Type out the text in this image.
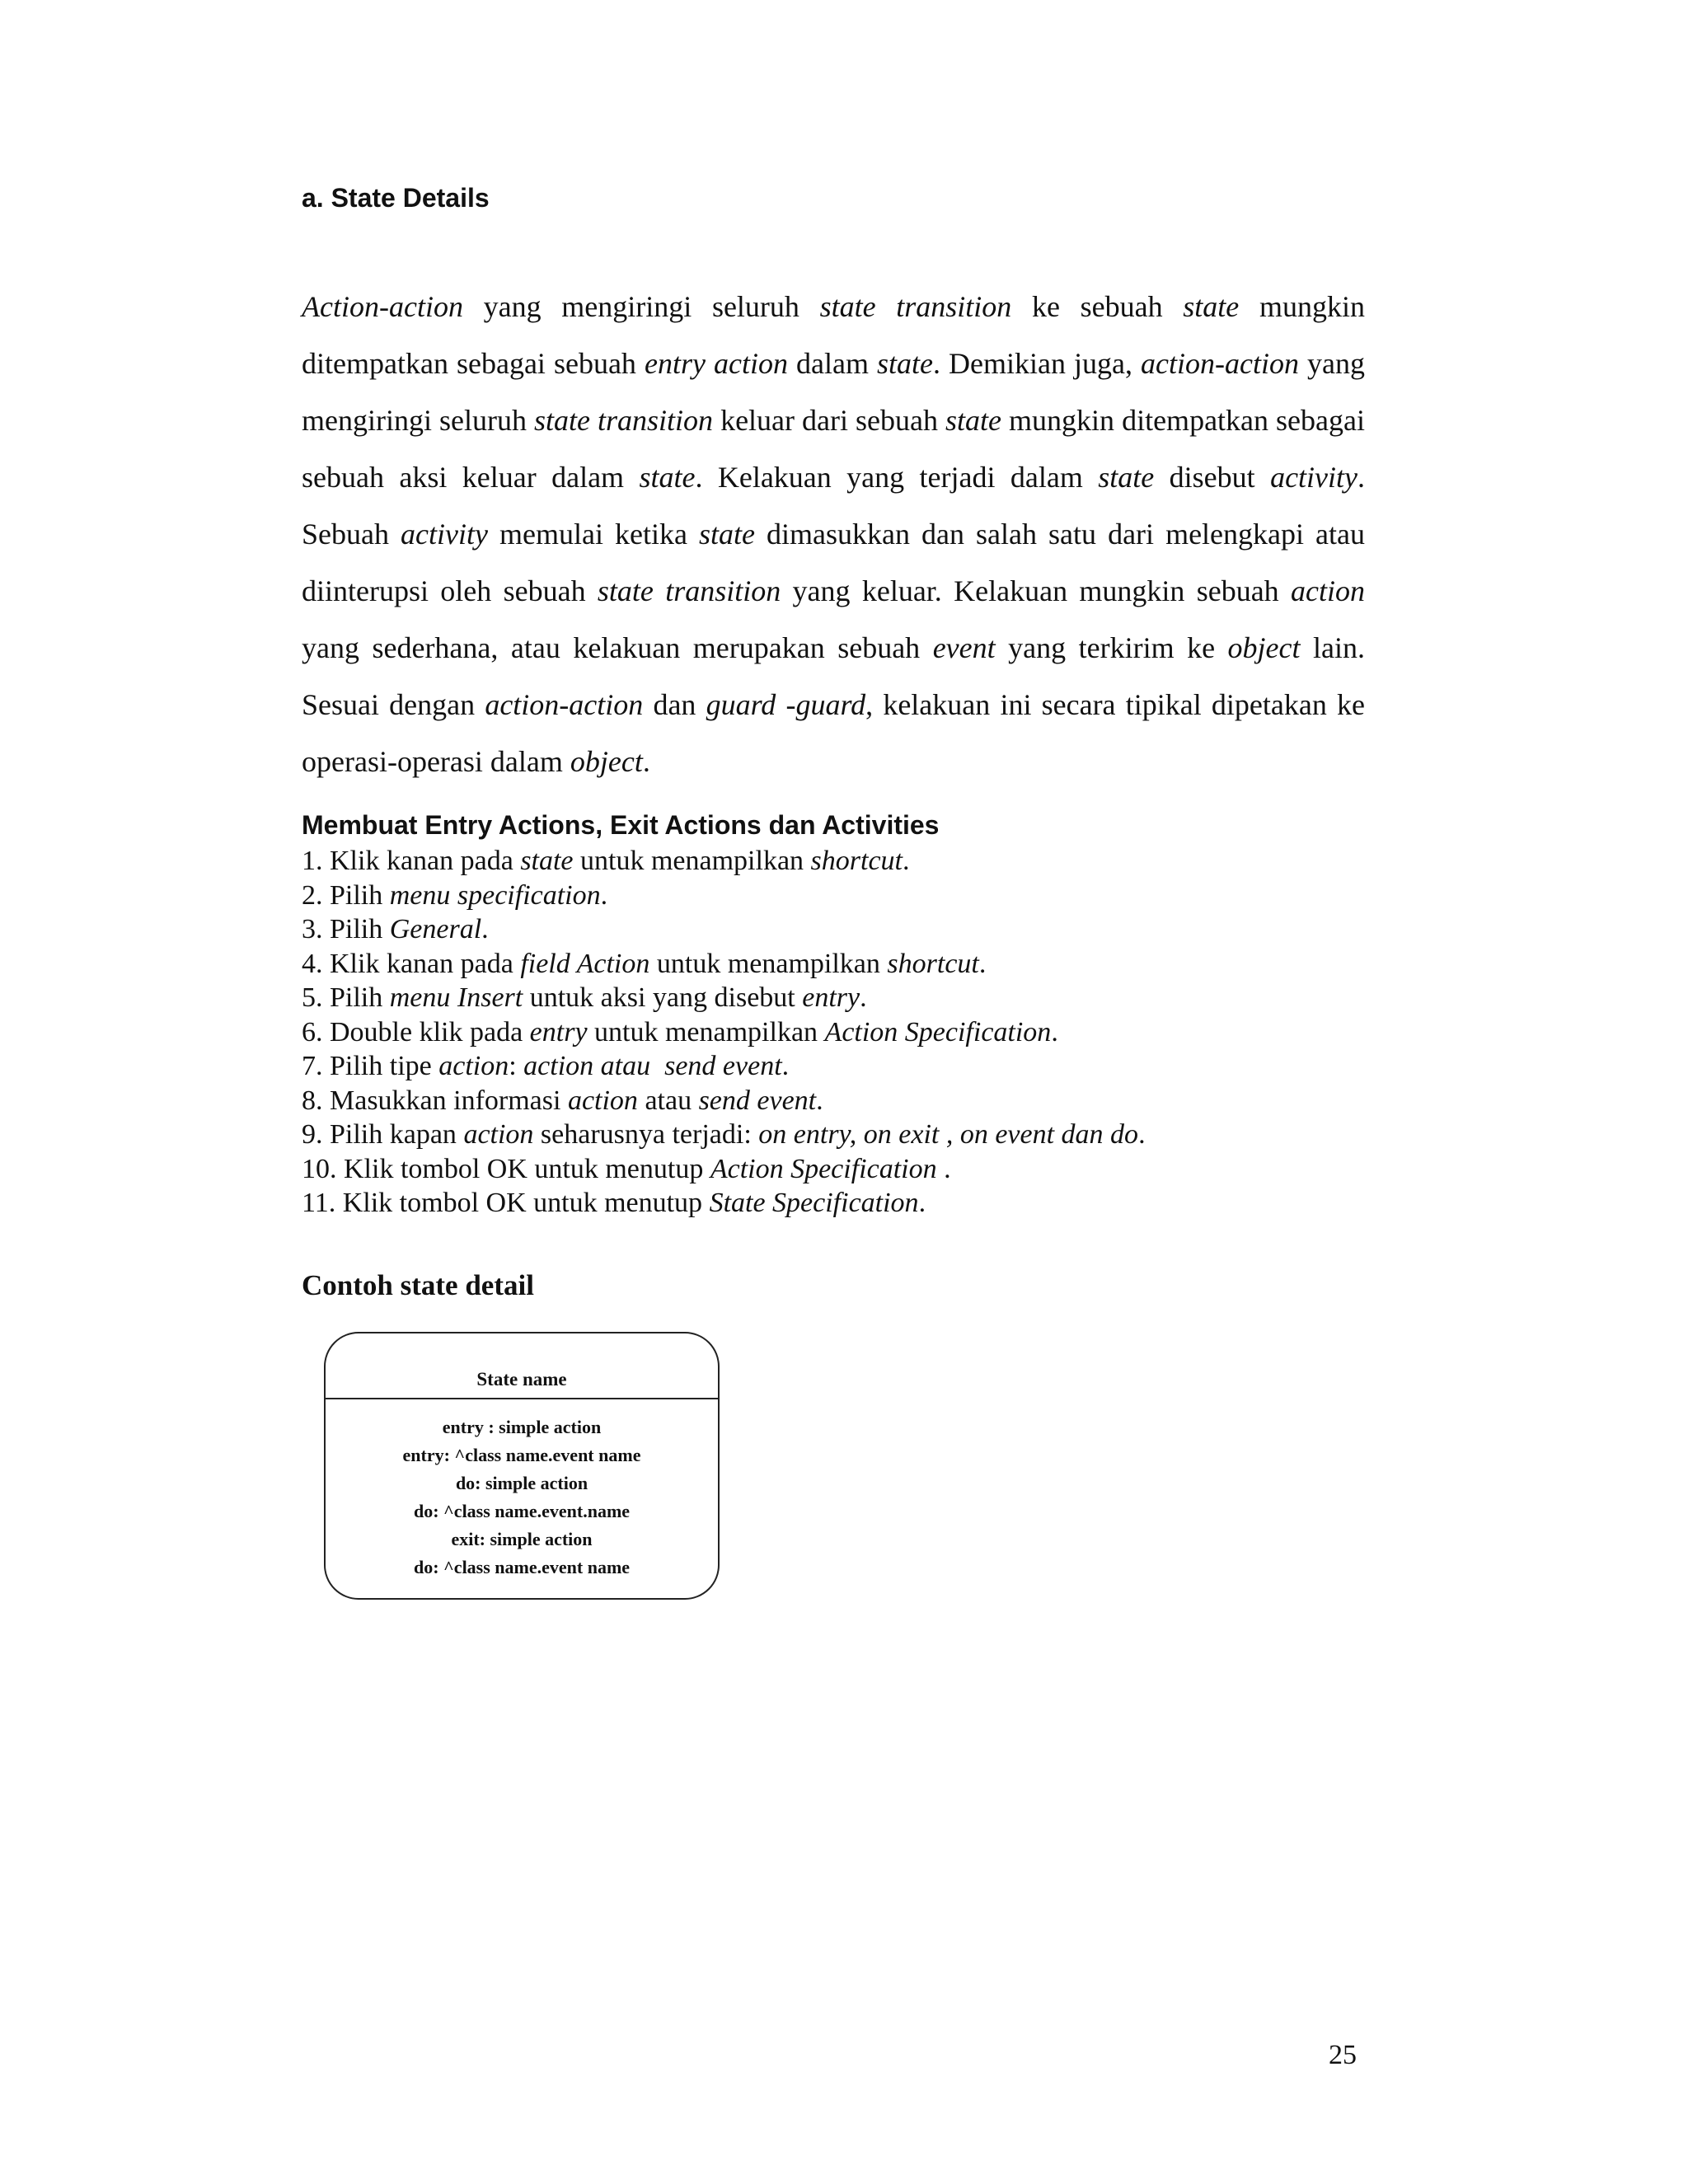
a. State Details

Action-action yang mengiringi seluruh state transition ke sebuah state mungkin ditempatkan sebagai sebuah entry action dalam state. Demikian juga, action-action yang mengiringi seluruh state transition keluar dari sebuah state mungkin ditempatkan sebagai sebuah aksi keluar dalam state. Kelakuan yang terjadi dalam state disebut activity. Sebuah activity memulai ketika state dimasukkan dan salah satu dari melengkapi atau diinterupsi oleh sebuah state transition yang keluar. Kelakuan mungkin sebuah action yang sederhana, atau kelakuan merupakan sebuah event yang terkirim ke object lain. Sesuai dengan action-action dan guard -guard, kelakuan ini secara tipikal dipetakan ke operasi-operasi dalam object.

Membuat Entry Actions, Exit Actions dan Activities
1. Klik kanan pada state untuk menampilkan shortcut.
2. Pilih menu specification.
3. Pilih General.
4. Klik kanan pada field Action untuk menampilkan shortcut.
5. Pilih menu Insert untuk aksi yang disebut entry.
6. Double klik pada entry untuk menampilkan Action Specification.
7. Pilih tipe action: action atau  send event.
8. Masukkan informasi action atau send event.
9. Pilih kapan action seharusnya terjadi: on entry, on exit , on event dan do.
10. Klik tombol OK untuk menutup Action Specification .
11. Klik tombol OK untuk menutup State Specification.
Contoh state detail
State name
entry : simple action
entry: ^class name.event name
do: simple action
do: ^class name.event.name
exit: simple action
do: ^class name.event name
25
